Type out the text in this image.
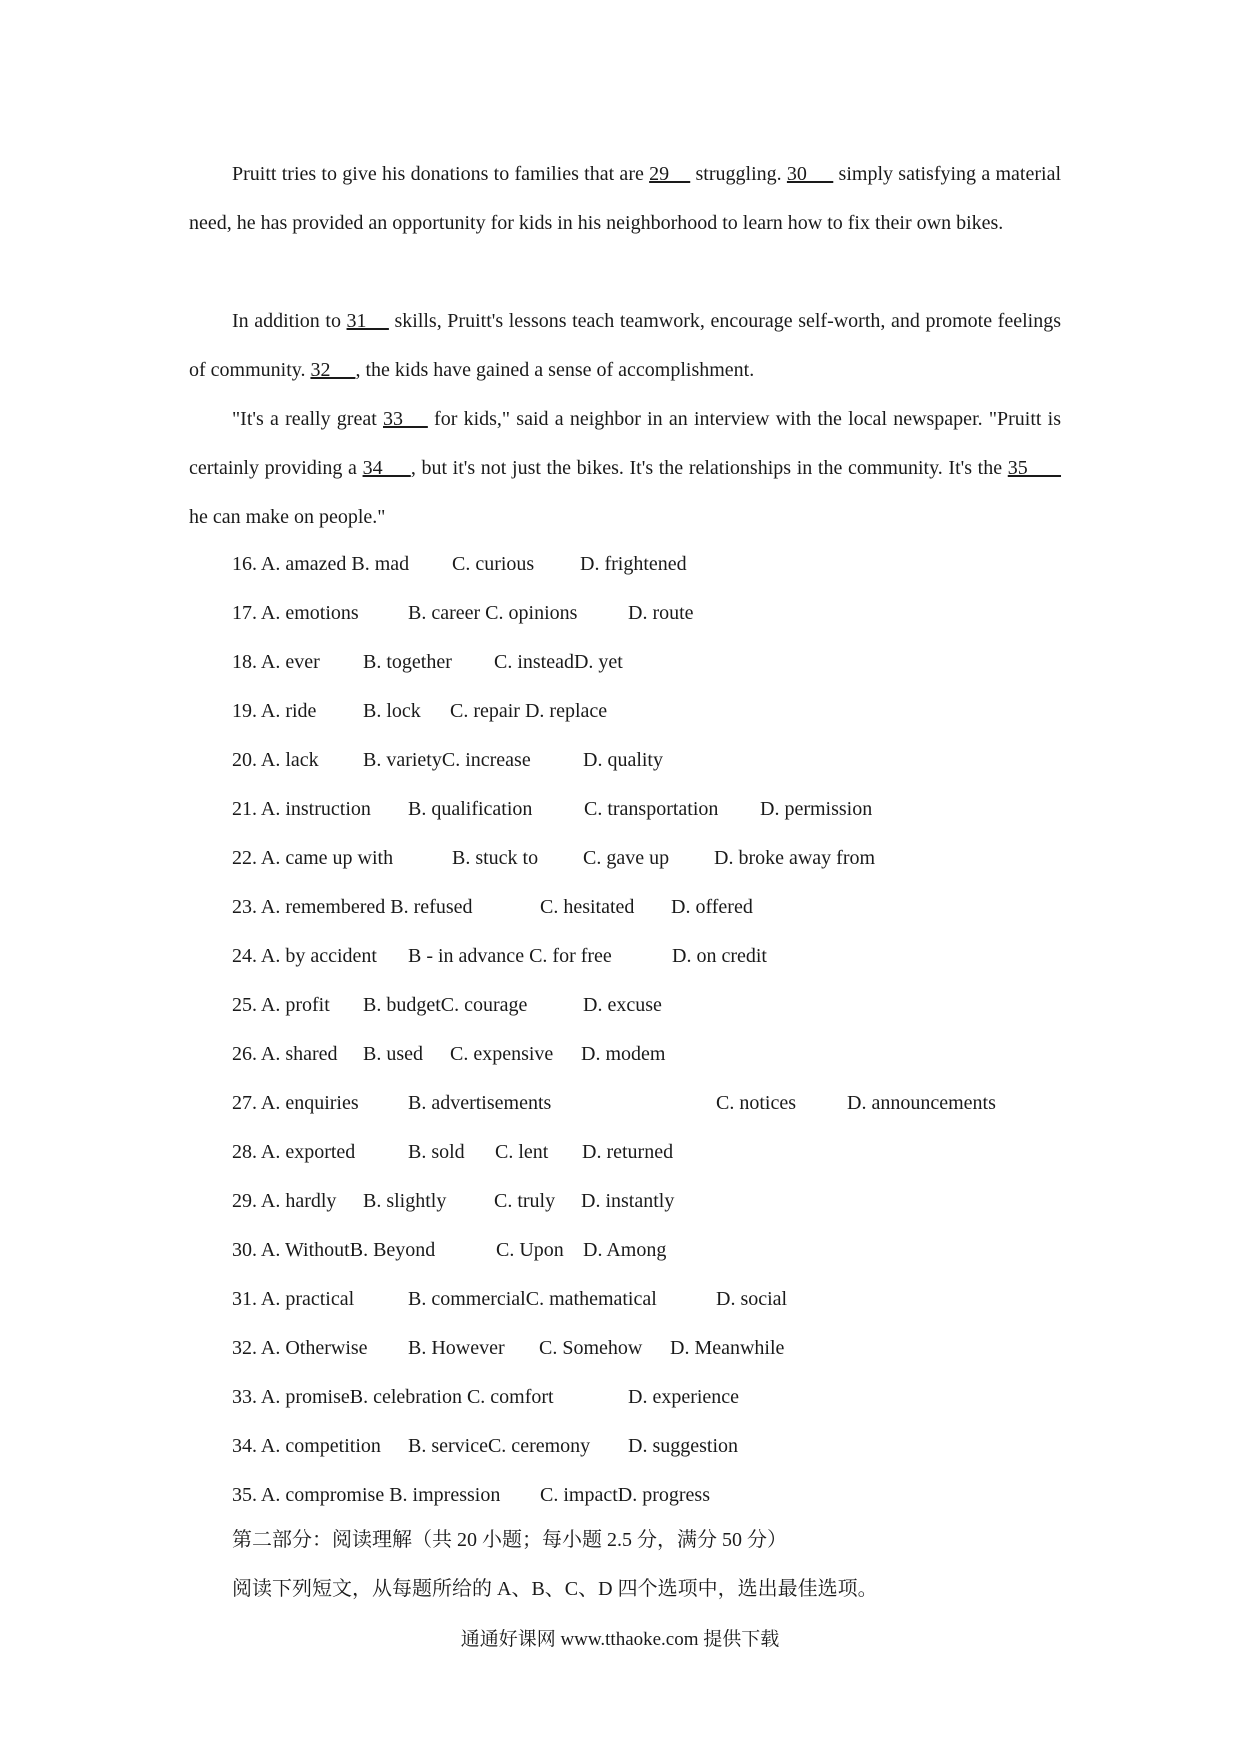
Pruitt tries to give his donations to families that are 29     struggling. 30      simply satisfying a material need, he has provided an opportunity for kids in his neighborhood to learn how to fix their own bikes.

In addition to 31     skills, Pruitt's lessons teach teamwork, encourage self-worth, and promote feelings of community. 32     , the kids have gained a sense of accomplishment.

"It's a really great 33     for kids," said a neighbor in an interview with the local newspaper. "Pruitt is certainly providing a 34     , but it's not just the bikes. It's the relationships in the community. It's the 35       he can make on people."

16. A. amazed B. mad C. curious D. frightened
17. A. emotions B. career C. opinions	D. route
18. A. ever B. together C. insteadD. yet
19. A. ride B. lock C. repair D. replace
20. A. lack B. varietyC. increase	D. quality
21. A. instruction B. qualification	C. transportation D. permission
22. A. came up with	B. stuck to C. gave up D. broke away from
23. A. remembered B. refused	C. hesitated D. offered
24. A. by accident B - in advance C. for free	D. on credit
25. A. profit B. budgetC. courage	D. excuse
26. A. shared B. used C. expensive D. modem
27. A. enquiries B. advertisements	C. notices	D. announcements
28. A. exported	B. sold C. lent D. returned
29. A. hardly B. slightly C. truly D. instantly
30. A. WithoutB. Beyond	C. Upon D. Among
31. A. practical	B. commercialC. mathematical	D. social
32. A. Otherwise B. However C. Somehow D. Meanwhile
33. A. promiseB. celebration C. comfort	D. experience
34. A. competition B. serviceC. ceremony D. suggestion
35. A. compromise B. impression C. impactD. progress
第二部分：阅读理解（共 20 小题；每小题 2.5 分，满分 50 分）
阅读下列短文，从每题所给的 A、B、C、D 四个选项中，选出最佳选项。
通通好课网 www.tthaoke.com 提供下载
